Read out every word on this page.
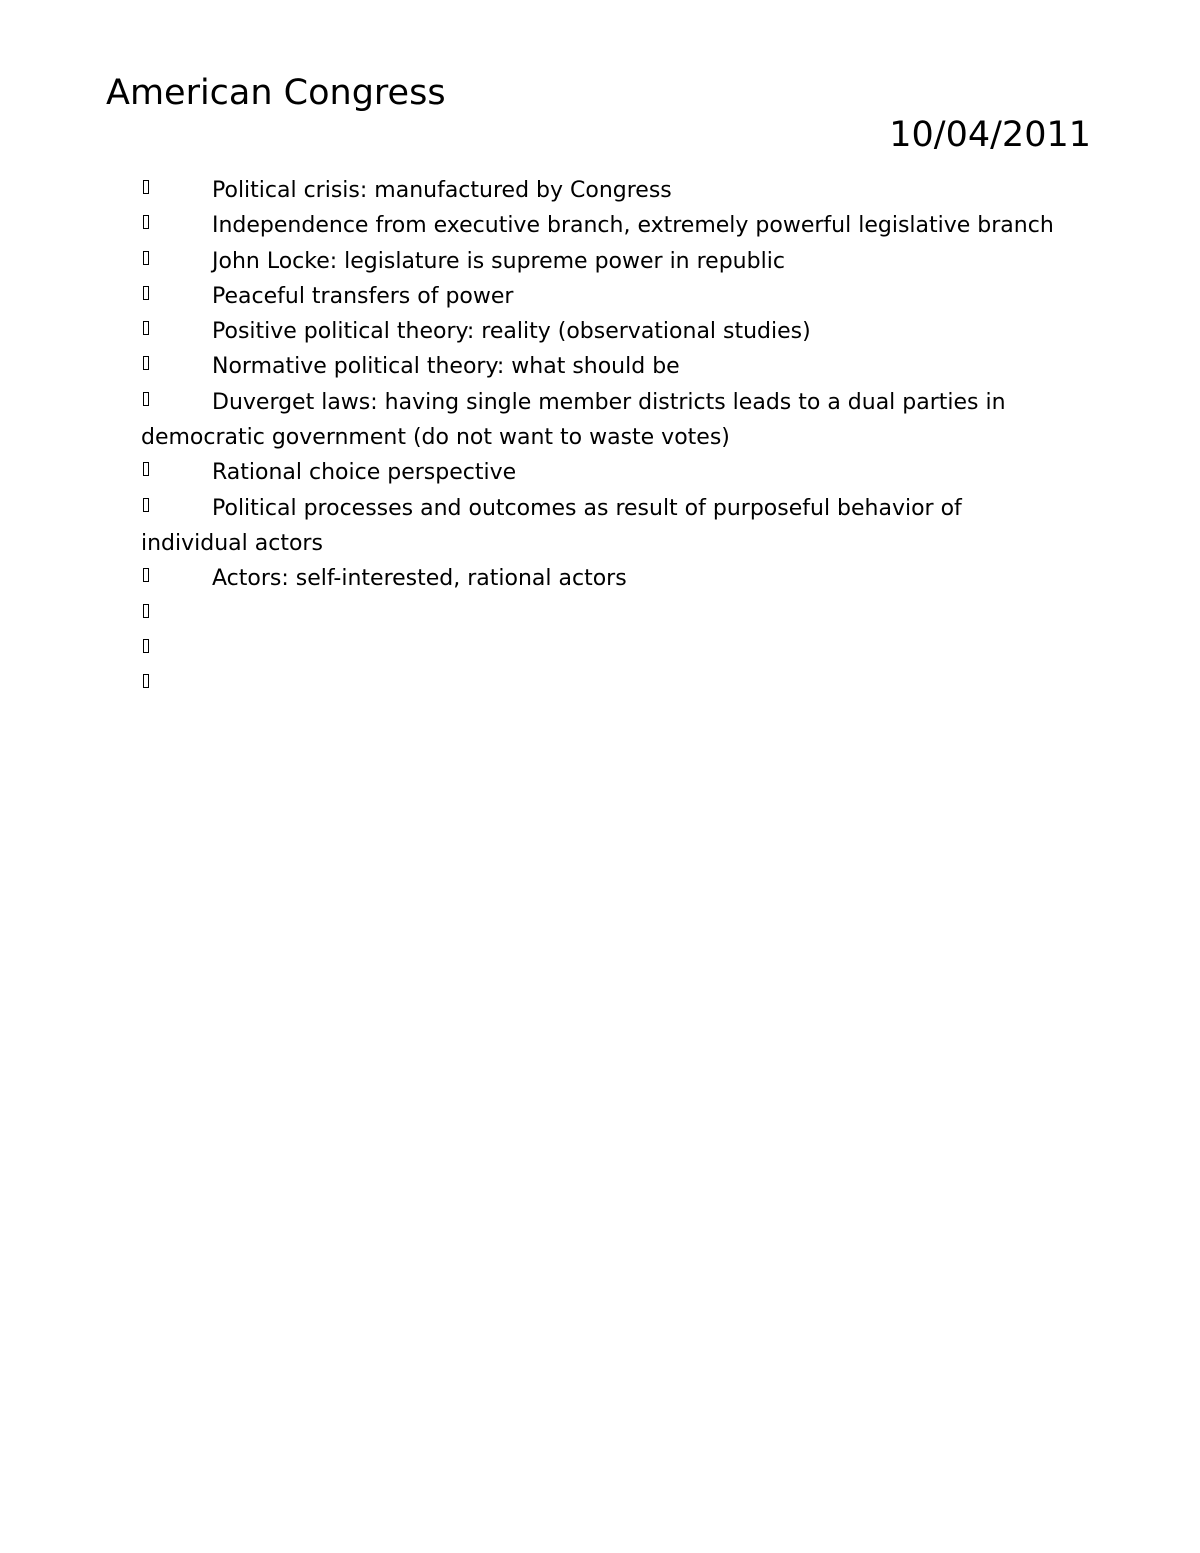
American Congress
10/04/2011
Political crisis: manufactured by Congress
Independence from executive branch, extremely powerful legislative branch
John Locke: legislature is supreme power in republic
Peaceful transfers of power
Positive political theory: reality (observational studies)
Normative political theory: what should be
Duverget laws: having single member districts leads to a dual parties in democratic government (do not want to waste votes)
Rational choice perspective
Political processes and outcomes as result of purposeful behavior of individual actors
Actors: self-interested, rational actors
